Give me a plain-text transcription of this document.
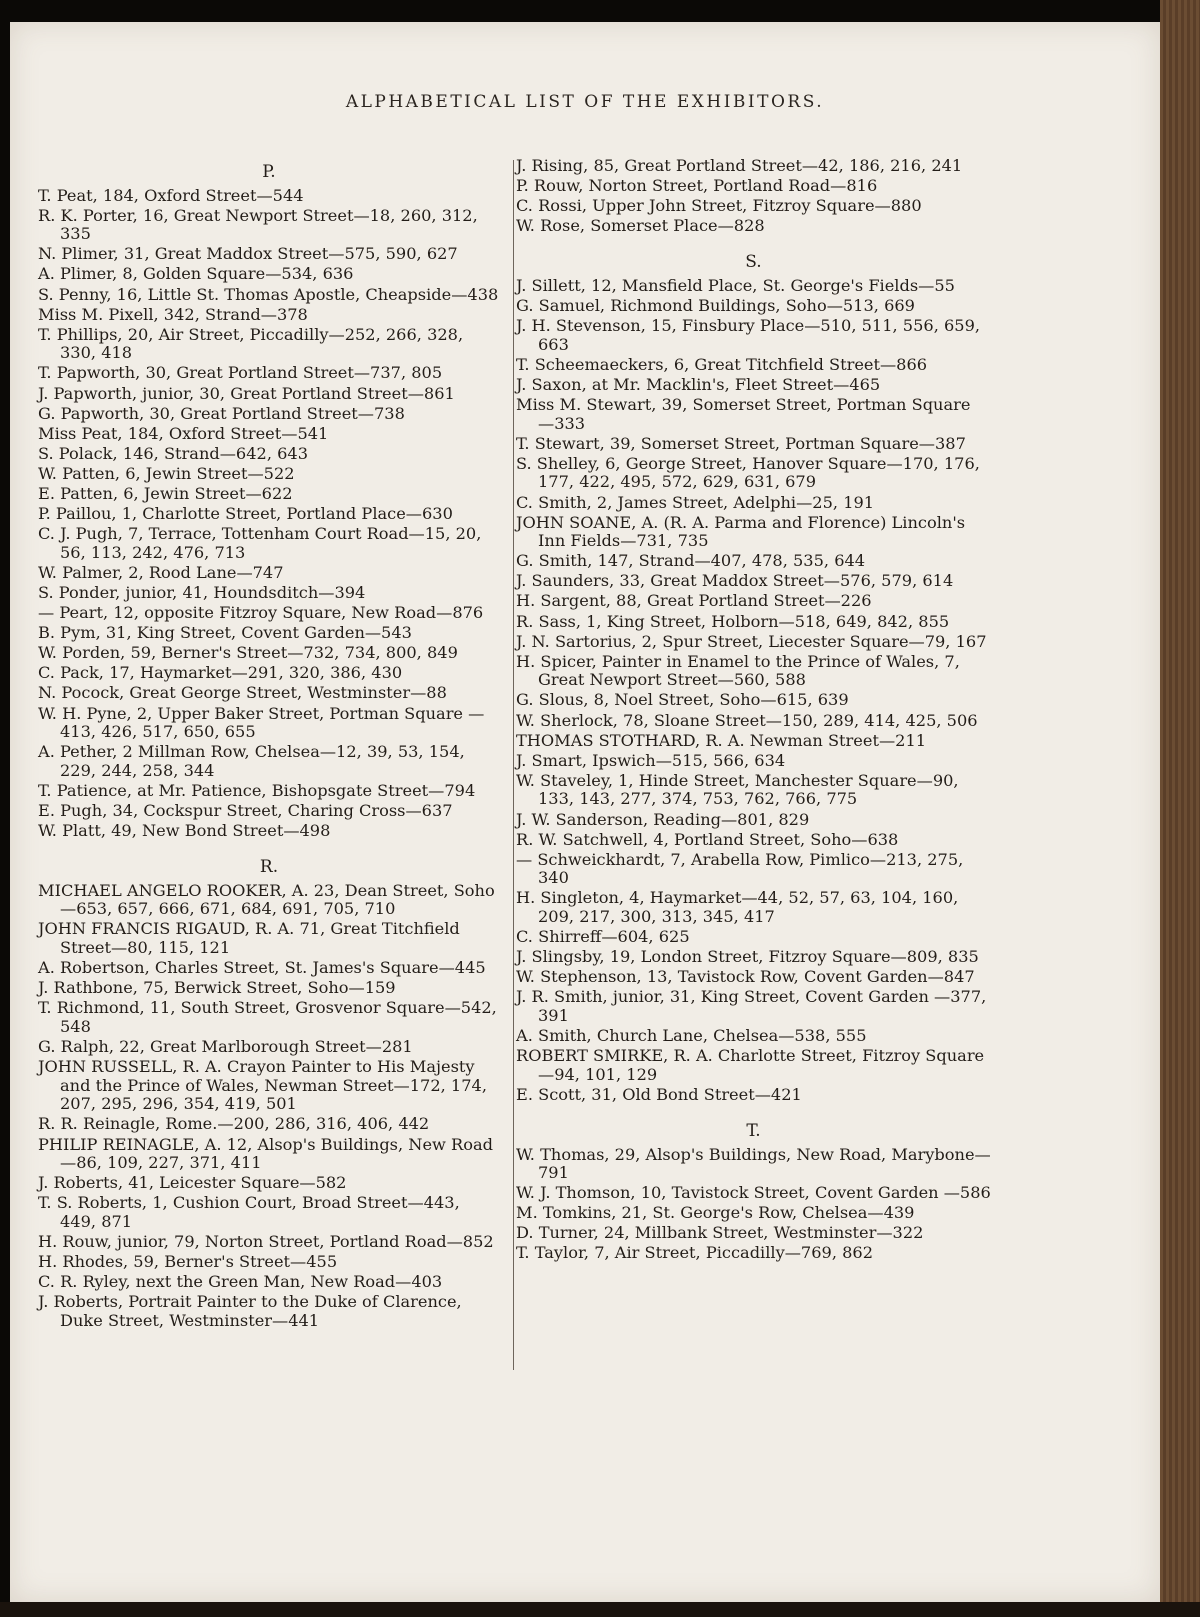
ALPHABETICAL LIST OF THE EXHIBITORS.
P.

T. Peat, 184, Oxford Street—544

R. K. Porter, 16, Great Newport Street—18, 260, 312, 335

N. Plimer, 31, Great Maddox Street—575, 590, 627

A. Plimer, 8, Golden Square—534, 636

S. Penny, 16, Little St. Thomas Apostle, Cheapside—438

Miss M. Pixell, 342, Strand—378

T. Phillips, 20, Air Street, Piccadilly—252, 266, 328, 330, 418

T. Papworth, 30, Great Portland Street—737, 805

J. Papworth, junior, 30, Great Portland Street—861

G. Papworth, 30, Great Portland Street—738

Miss Peat, 184, Oxford Street—541

S. Polack, 146, Strand—642, 643

W. Patten, 6, Jewin Street—522

E. Patten, 6, Jewin Street—622

P. Paillou, 1, Charlotte Street, Portland Place—630

C. J. Pugh, 7, Terrace, Tottenham Court Road—15, 20, 56, 113, 242, 476, 713

W. Palmer, 2, Rood Lane—747

S. Ponder, junior, 41, Houndsditch—394

— Peart, 12, opposite Fitzroy Square, New Road—876

B. Pym, 31, King Street, Covent Garden—543

W. Porden, 59, Berner's Street—732, 734, 800, 849

C. Pack, 17, Haymarket—291, 320, 386, 430

N. Pocock, Great George Street, Westminster—88

W. H. Pyne, 2, Upper Baker Street, Portman Square —413, 426, 517, 650, 655

A. Pether, 2 Millman Row, Chelsea—12, 39, 53, 154, 229, 244, 258, 344

T. Patience, at Mr. Patience, Bishopsgate Street—794

E. Pugh, 34, Cockspur Street, Charing Cross—637

W. Platt, 49, New Bond Street—498

R.

MICHAEL ANGELO ROOKER, A. 23, Dean Street, Soho—653, 657, 666, 671, 684, 691, 705, 710

JOHN FRANCIS RIGAUD, R. A. 71, Great Titchfield Street—80, 115, 121

A. Robertson, Charles Street, St. James's Square—445

J. Rathbone, 75, Berwick Street, Soho—159

T. Richmond, 11, South Street, Grosvenor Square—542, 548

G. Ralph, 22, Great Marlborough Street—281

JOHN RUSSELL, R. A. Crayon Painter to His Majesty and the Prince of Wales, Newman Street—172, 174, 207, 295, 296, 354, 419, 501

R. R. Reinagle, Rome.—200, 286, 316, 406, 442

PHILIP REINAGLE, A. 12, Alsop's Buildings, New Road—86, 109, 227, 371, 411

J. Roberts, 41, Leicester Square—582

T. S. Roberts, 1, Cushion Court, Broad Street—443, 449, 871

H. Rouw, junior, 79, Norton Street, Portland Road—852

H. Rhodes, 59, Berner's Street—455

C. R. Ryley, next the Green Man, New Road—403

J. Roberts, Portrait Painter to the Duke of Clarence, Duke Street, Westminster—441

J. Rising, 85, Great Portland Street—42, 186, 216, 241

P. Rouw, Norton Street, Portland Road—816

C. Rossi, Upper John Street, Fitzroy Square—880

W. Rose, Somerset Place—828

S.

J. Sillett, 12, Mansfield Place, St. George's Fields—55

G. Samuel, Richmond Buildings, Soho—513, 669

J. H. Stevenson, 15, Finsbury Place—510, 511, 556, 659, 663

T. Scheemaeckers, 6, Great Titchfield Street—866

J. Saxon, at Mr. Macklin's, Fleet Street—465

Miss M. Stewart, 39, Somerset Street, Portman Square —333

T. Stewart, 39, Somerset Street, Portman Square—387

S. Shelley, 6, George Street, Hanover Square—170, 176, 177, 422, 495, 572, 629, 631, 679

C. Smith, 2, James Street, Adelphi—25, 191

JOHN SOANE, A. (R. A. Parma and Florence) Lincoln's Inn Fields—731, 735

G. Smith, 147, Strand—407, 478, 535, 644

J. Saunders, 33, Great Maddox Street—576, 579, 614

H. Sargent, 88, Great Portland Street—226

R. Sass, 1, King Street, Holborn—518, 649, 842, 855

J. N. Sartorius, 2, Spur Street, Liecester Square—79, 167

H. Spicer, Painter in Enamel to the Prince of Wales, 7, Great Newport Street—560, 588

G. Slous, 8, Noel Street, Soho—615, 639

W. Sherlock, 78, Sloane Street—150, 289, 414, 425, 506

THOMAS STOTHARD, R. A. Newman Street—211

J. Smart, Ipswich—515, 566, 634

W. Staveley, 1, Hinde Street, Manchester Square—90, 133, 143, 277, 374, 753, 762, 766, 775

J. W. Sanderson, Reading—801, 829

R. W. Satchwell, 4, Portland Street, Soho—638

— Schweickhardt, 7, Arabella Row, Pimlico—213, 275, 340

H. Singleton, 4, Haymarket—44, 52, 57, 63, 104, 160, 209, 217, 300, 313, 345, 417

C. Shirreff—604, 625

J. Slingsby, 19, London Street, Fitzroy Square—809, 835

W. Stephenson, 13, Tavistock Row, Covent Garden—847

J. R. Smith, junior, 31, King Street, Covent Garden —377, 391

A. Smith, Church Lane, Chelsea—538, 555

ROBERT SMIRKE, R. A. Charlotte Street, Fitzroy Square—94, 101, 129

E. Scott, 31, Old Bond Street—421

T.

W. Thomas, 29, Alsop's Buildings, New Road, Marybone—791

W. J. Thomson, 10, Tavistock Street, Covent Garden —586

M. Tomkins, 21, St. George's Row, Chelsea—439

D. Turner, 24, Millbank Street, Westminster—322

T. Taylor, 7, Air Street, Piccadilly—769, 862
